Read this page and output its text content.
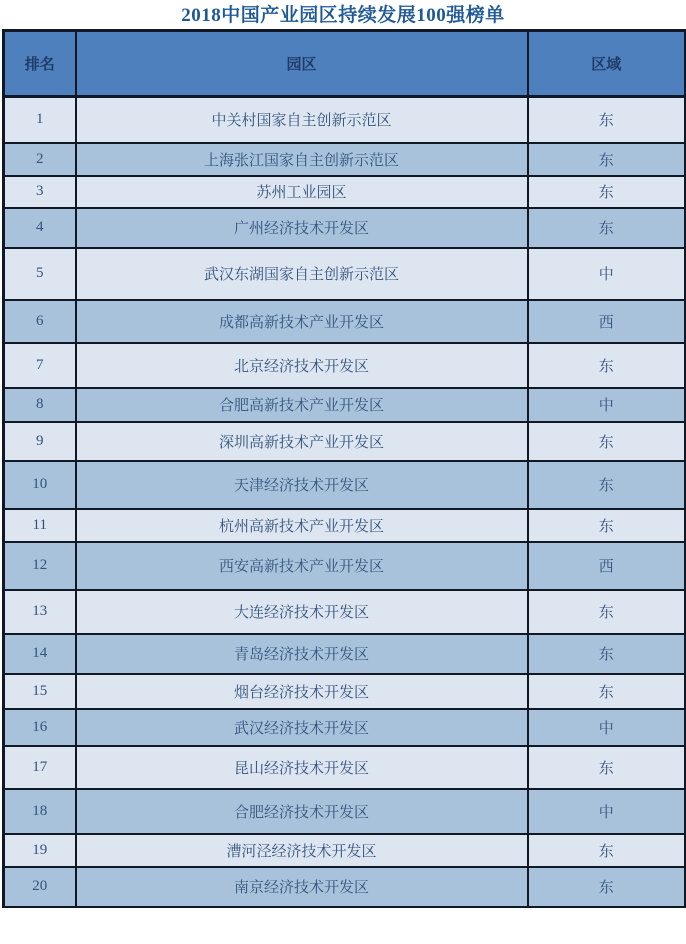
2018中国产业园区持续发展100强榜单
排名	园区	区域
1	中关村国家自主创新示范区	东
2	上海张江国家自主创新示范区	东
3	苏州工业园区	东
4	广州经济技术开发区	东
5	武汉东湖国家自主创新示范区	中
6	成都高新技术产业开发区	西
7	北京经济技术开发区	东
8	合肥高新技术产业开发区	中
9	深圳高新技术产业开发区	东
10	天津经济技术开发区	东
11	杭州高新技术产业开发区	东
12	西安高新技术产业开发区	西
13	大连经济技术开发区	东
14	青岛经济技术开发区	东
15	烟台经济技术开发区	东
16	武汉经济技术开发区	中
17	昆山经济技术开发区	东
18	合肥经济技术开发区	中
19	漕河泾经济技术开发区	东
20	南京经济技术开发区	东
